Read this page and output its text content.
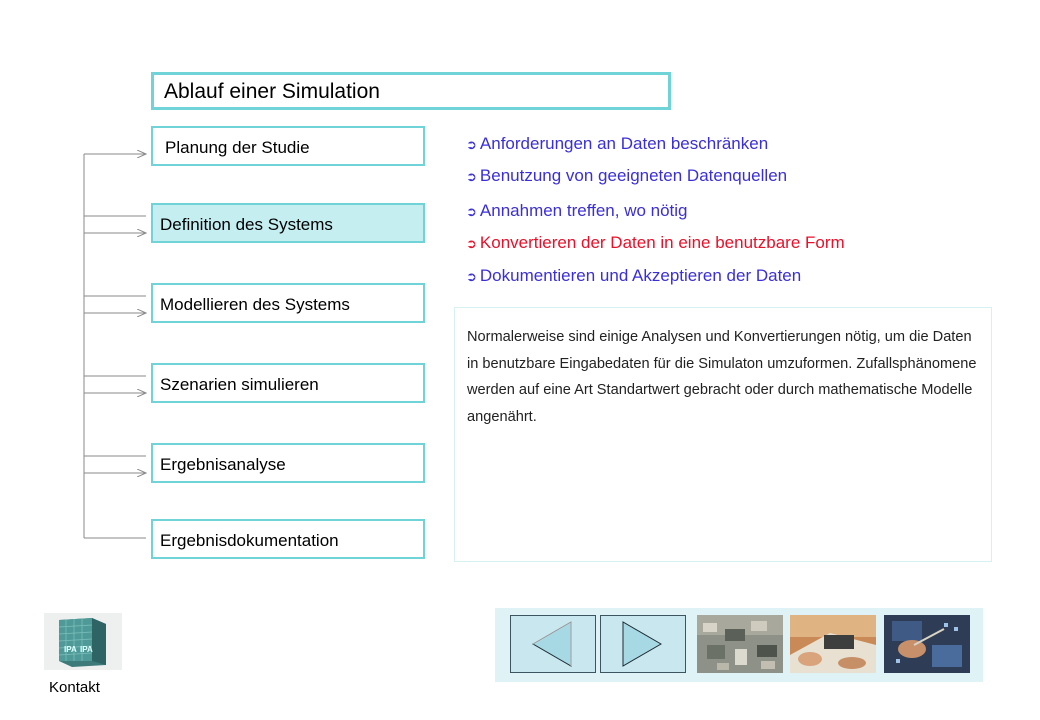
Ablauf einer Simulation
Planung der Studie
Definition des Systems
Modellieren des Systems
Szenarien simulieren
Ergebnisanalyse
Ergebnisdokumentation
➲ Anforderungen an Daten beschränken
➲ Benutzung von geeigneten Datenquellen
➲ Annahmen treffen, wo nötig
➲ Konvertieren der Daten in eine benutzbare Form
➲ Dokumentieren und Akzeptieren der Daten
Normalerweise sind einige Analysen und Konvertierungen nötig, um die Daten in benutzbare Eingabedaten für die Simulaton umzuformen. Zufallsphänomene werden auf eine Art Standartwert gebracht oder durch mathematische Modelle angenährt.
IPA IPA
Kontakt
